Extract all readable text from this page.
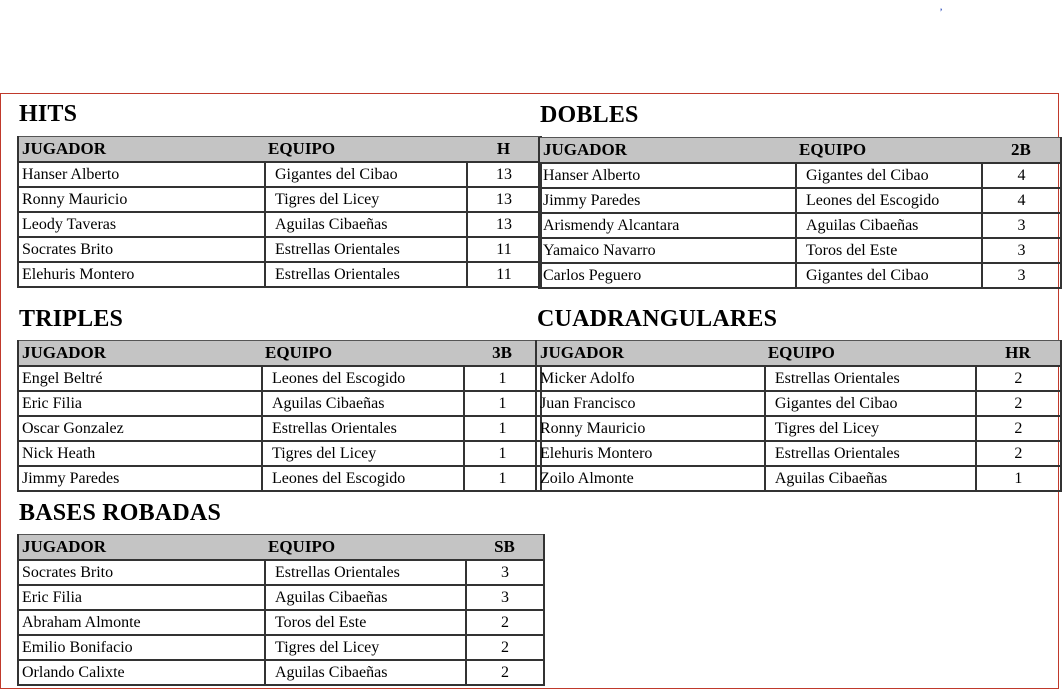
HITS
JUGADOR	EQUIPO	H
Hanser Alberto	Gigantes del Cibao	13
Ronny Mauricio	Tigres del Licey	13
Leody Taveras	Aguilas Cibaeñas	13
Socrates Brito	Estrellas Orientales	11
Elehuris Montero	Estrellas Orientales	11
DOBLES
JUGADOR	EQUIPO	2B
Hanser Alberto	Gigantes del Cibao	4
Jimmy Paredes	Leones del Escogido	4
Arismendy Alcantara	Aguilas Cibaeñas	3
Yamaico Navarro	Toros del Este	3
Carlos Peguero	Gigantes del Cibao	3
TRIPLES
JUGADOR	EQUIPO	3B
Engel Beltré	Leones del Escogido	1
Eric Filia	Aguilas Cibaeñas	1
Oscar Gonzalez	Estrellas Orientales	1
Nick Heath	Tigres del Licey	1
Jimmy Paredes	Leones del Escogido	1
CUADRANGULARES
JUGADOR	EQUIPO	HR
Micker Adolfo	Estrellas Orientales	2
Juan Francisco	Gigantes del Cibao	2
Ronny Mauricio	Tigres del Licey	2
Elehuris Montero	Estrellas Orientales	2
Zoilo Almonte	Aguilas Cibaeñas	1
BASES ROBADAS
JUGADOR	EQUIPO	SB
Socrates Brito	Estrellas Orientales	3
Eric Filia	Aguilas Cibaeñas	3
Abraham Almonte	Toros del Este	2
Emilio Bonifacio	Tigres del Licey	2
Orlando Calixte	Aguilas Cibaeñas	2
